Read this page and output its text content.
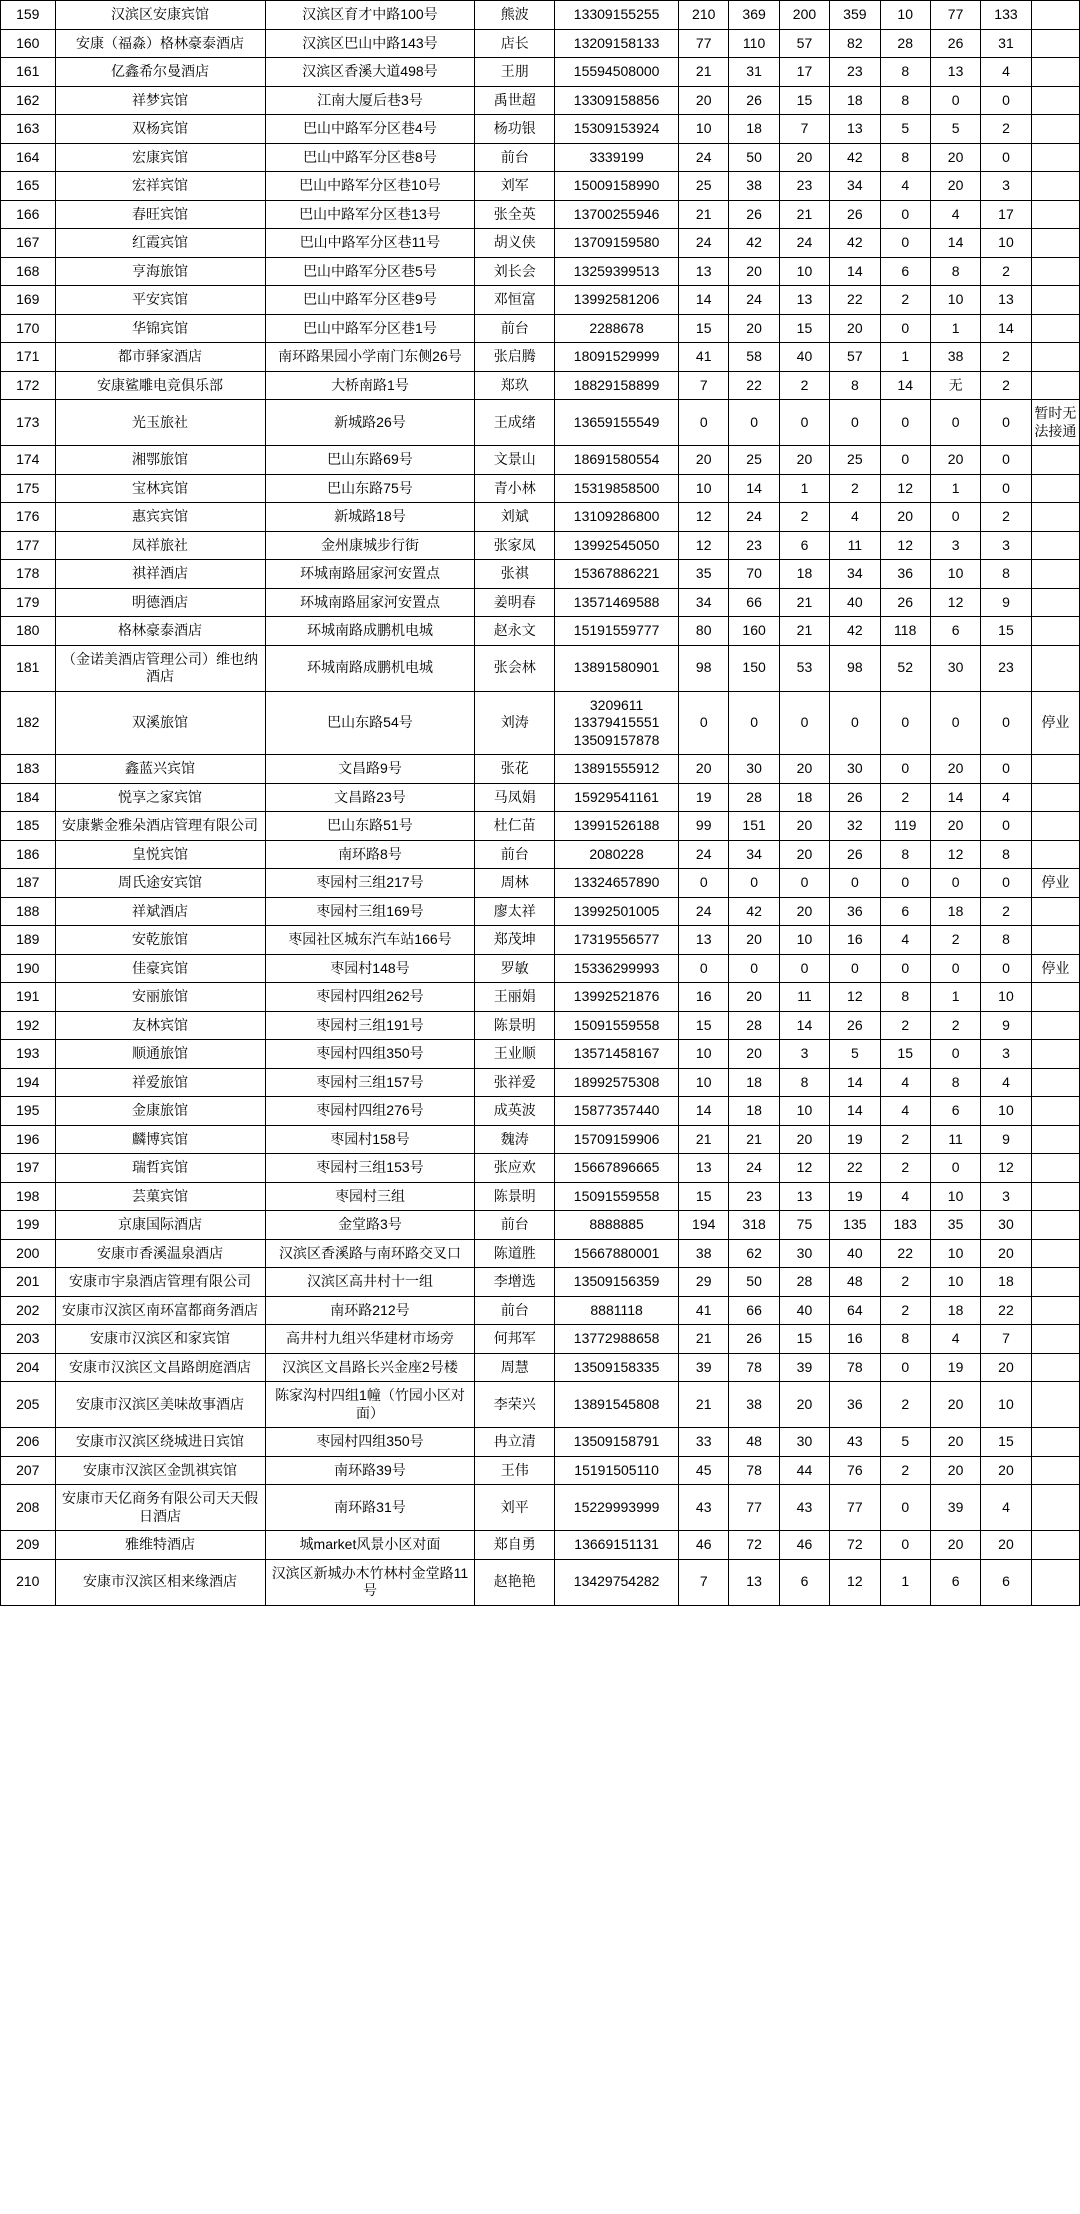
159	汉滨区安康宾馆	汉滨区育才中路100号	熊波	13309155255	210	369	200	359	10	77	133	
160	安康（福淼）格林豪泰酒店	汉滨区巴山中路143号	店长	13209158133	77	110	57	82	28	26	31	
161	亿鑫希尔曼酒店	汉滨区香溪大道498号	王朋	15594508000	21	31	17	23	8	13	4	
162	祥梦宾馆	江南大厦后巷3号	禹世超	13309158856	20	26	15	18	8	0	0	
163	双杨宾馆	巴山中路军分区巷4号	杨功银	15309153924	10	18	7	13	5	5	2	
164	宏康宾馆	巴山中路军分区巷8号	前台	3339199	24	50	20	42	8	20	0	
165	宏祥宾馆	巴山中路军分区巷10号	刘军	15009158990	25	38	23	34	4	20	3	
166	春旺宾馆	巴山中路军分区巷13号	张全英	13700255946	21	26	21	26	0	4	17	
167	红霞宾馆	巴山中路军分区巷11号	胡义侠	13709159580	24	42	24	42	0	14	10	
168	亨海旅馆	巴山中路军分区巷5号	刘长会	13259399513	13	20	10	14	6	8	2	
169	平安宾馆	巴山中路军分区巷9号	邓恒富	13992581206	14	24	13	22	2	10	13	
170	华锦宾馆	巴山中路军分区巷1号	前台	2288678	15	20	15	20	0	1	14	
171	都市驿家酒店	南环路果园小学南门东侧26号	张启腾	18091529999	41	58	40	57	1	38	2	
172	安康鲨雕电竞俱乐部	大桥南路1号	郑玖	18829158899	7	22	2	8	14	无	2	
173	光玉旅社	新城路26号	王成绪	13659155549	0	0	0	0	0	0	0	暂时无法接通
174	湘鄂旅馆	巴山东路69号	文景山	18691580554	20	25	20	25	0	20	0	
175	宝林宾馆	巴山东路75号	青小林	15319858500	10	14	1	2	12	1	0	
176	惠宾宾馆	新城路18号	刘斌	13109286800	12	24	2	4	20	0	2	
177	凤祥旅社	金州康城步行街	张家凤	13992545050	12	23	6	11	12	3	3	
178	祺祥酒店	环城南路屈家河安置点	张祺	15367886221	35	70	18	34	36	10	8	
179	明德酒店	环城南路屈家河安置点	姜明春	13571469588	34	66	21	40	26	12	9	
180	格林豪泰酒店	环城南路成鹏机电城	赵永文	15191559777	80	160	21	42	118	6	15	
181	（金诺美酒店管理公司）维也纳酒店	环城南路成鹏机电城	张会林	13891580901	98	150	53	98	52	30	23	
182	双溪旅馆	巴山东路54号	刘涛	3209611
13379415551
13509157878	0	0	0	0	0	0	0	停业
183	鑫蓝兴宾馆	文昌路9号	张花	13891555912	20	30	20	30	0	20	0	
184	悦享之家宾馆	文昌路23号	马凤娟	15929541161	19	28	18	26	2	14	4	
185	安康紫金雅朵酒店管理有限公司	巴山东路51号	杜仁苗	13991526188	99	151	20	32	119	20	0	
186	皇悦宾馆	南环路8号	前台	2080228	24	34	20	26	8	12	8	
187	周氏途安宾馆	枣园村三组217号	周林	13324657890	0	0	0	0	0	0	0	停业
188	祥斌酒店	枣园村三组169号	廖太祥	13992501005	24	42	20	36	6	18	2	
189	安乾旅馆	枣园社区城东汽车站166号	郑茂坤	17319556577	13	20	10	16	4	2	8	
190	佳豪宾馆	枣园村148号	罗敏	15336299993	0	0	0	0	0	0	0	停业
191	安丽旅馆	枣园村四组262号	王丽娟	13992521876	16	20	11	12	8	1	10	
192	友林宾馆	枣园村三组191号	陈景明	15091559558	15	28	14	26	2	2	9	
193	顺通旅馆	枣园村四组350号	王业顺	13571458167	10	20	3	5	15	0	3	
194	祥爱旅馆	枣园村三组157号	张祥爱	18992575308	10	18	8	14	4	8	4	
195	金康旅馆	枣园村四组276号	成英波	15877357440	14	18	10	14	4	6	10	
196	麟博宾馆	枣园村158号	魏涛	15709159906	21	21	20	19	2	11	9	
197	瑞哲宾馆	枣园村三组153号	张应欢	15667896665	13	24	12	22	2	0	12	
198	芸菓宾馆	枣园村三组	陈景明	15091559558	15	23	13	19	4	10	3	
199	京康国际酒店	金堂路3号	前台	8888885	194	318	75	135	183	35	30	
200	安康市香溪温泉酒店	汉滨区香溪路与南环路交叉口	陈道胜	15667880001	38	62	30	40	22	10	20	
201	安康市宇泉酒店管理有限公司	汉滨区高井村十一组	李增选	13509156359	29	50	28	48	2	10	18	
202	安康市汉滨区南环富都商务酒店	南环路212号	前台	8881118	41	66	40	64	2	18	22	
203	安康市汉滨区和家宾馆	高井村九组兴华建材市场旁	何邦军	13772988658	21	26	15	16	8	4	7	
204	安康市汉滨区文昌路朗庭酒店	汉滨区文昌路长兴金座2号楼	周慧	13509158335	39	78	39	78	0	19	20	
205	安康市汉滨区美味故事酒店	陈家沟村四组1幢（竹园小区对面）	李荣兴	13891545808	21	38	20	36	2	20	10	
206	安康市汉滨区绕城进日宾馆	枣园村四组350号	冉立清	13509158791	33	48	30	43	5	20	15	
207	安康市汉滨区金凯祺宾馆	南环路39号	王伟	15191505110	45	78	44	76	2	20	20	
208	安康市天亿商务有限公司天天假日酒店	南环路31号	刘平	15229993999	43	77	43	77	0	39	4	
209	雅维特酒店	城market风景小区对面	郑自勇	13669151131	46	72	46	72	0	20	20	
210	安康市汉滨区相来缘酒店	汉滨区新城办木竹林村金堂路11号	赵艳艳	13429754282	7	13	6	12	1	6	6	
